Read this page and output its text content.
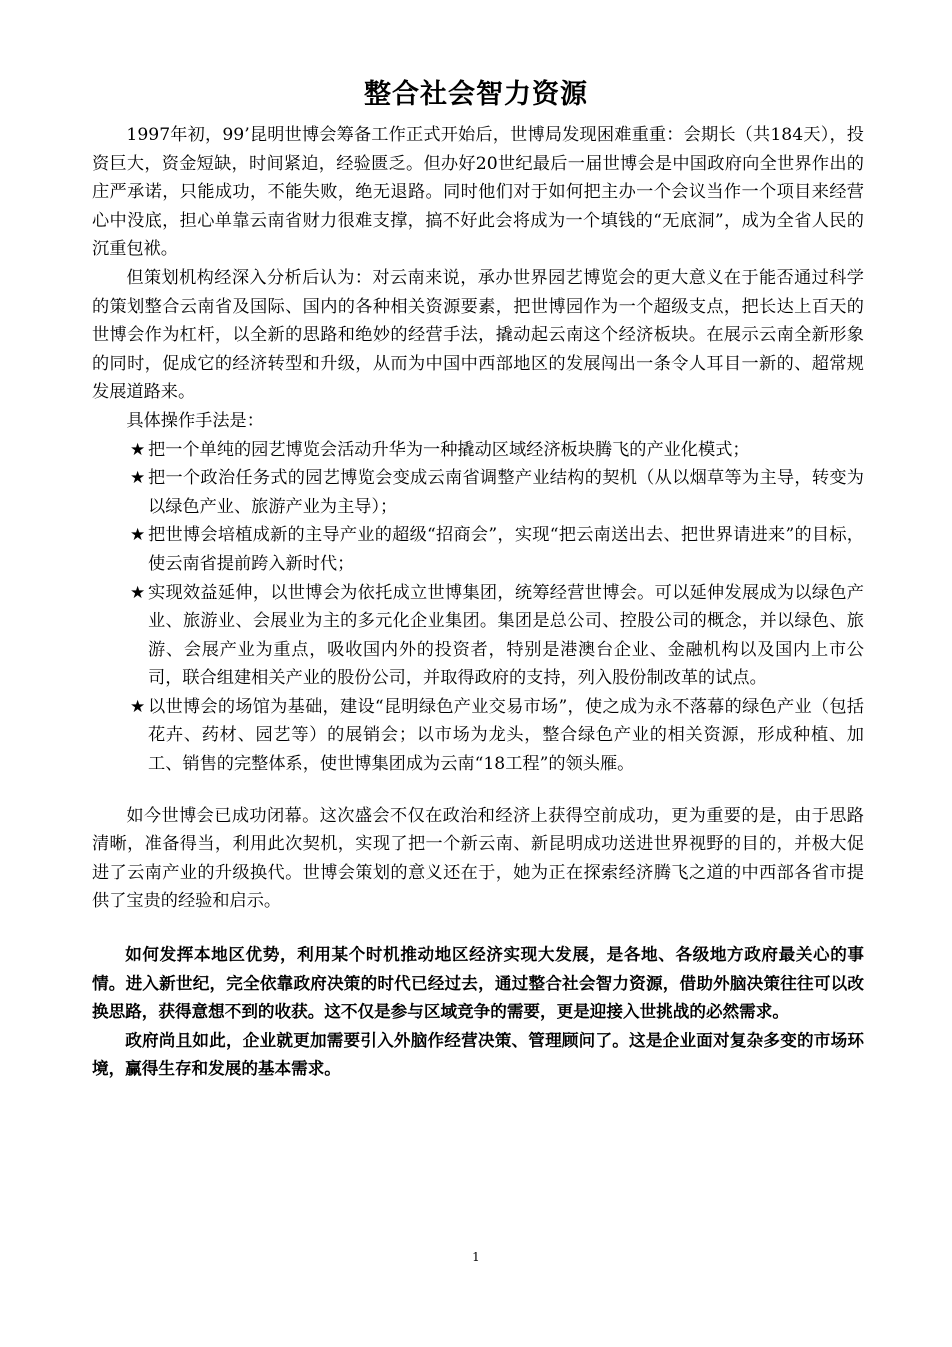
整合社会智力资源

1997年初，99’昆明世博会筹备工作正式开始后，世博局发现困难重重：会期长（共184天），投资巨大，资金短缺，时间紧迫，经验匮乏。但办好20世纪最后一届世博会是中国政府向全世界作出的庄严承诺，只能成功，不能失败，绝无退路。同时他们对于如何把主办一个会议当作一个项目来经营心中没底，担心单靠云南省财力很难支撑，搞不好此会将成为一个填钱的“无底洞”，成为全省人民的沉重包袱。

但策划机构经深入分析后认为：对云南来说，承办世界园艺博览会的更大意义在于能否通过科学的策划整合云南省及国际、国内的各种相关资源要素，把世博园作为一个超级支点，把长达上百天的世博会作为杠杆，以全新的思路和绝妙的经营手法，撬动起云南这个经济板块。在展示云南全新形象的同时，促成它的经济转型和升级，从而为中国中西部地区的发展闯出一条令人耳目一新的、超常规发展道路来。

具体操作手法是：

★ 把一个单纯的园艺博览会活动升华为一种撬动区域经济板块腾飞的产业化模式；
★ 把一个政治任务式的园艺博览会变成云南省调整产业结构的契机（从以烟草等为主导，转变为以绿色产业、旅游产业为主导）；
★ 把世博会培植成新的主导产业的超级“招商会”，实现“把云南送出去、把世界请进来”的目标，使云南省提前跨入新时代；
★ 实现效益延伸，以世博会为依托成立世博集团，统筹经营世博会。可以延伸发展成为以绿色产业、旅游业、会展业为主的多元化企业集团。集团是总公司、控股公司的概念，并以绿色、旅游、会展产业为重点，吸收国内外的投资者，特别是港澳台企业、金融机构以及国内上市公司，联合组建相关产业的股份公司，并取得政府的支持，列入股份制改革的试点。
★ 以世博会的场馆为基础，建设“昆明绿色产业交易市场”，使之成为永不落幕的绿色产业（包括花卉、药材、园艺等）的展销会；以市场为龙头，整合绿色产业的相关资源，形成种植、加工、销售的完整体系，使世博集团成为云南“18工程”的领头雁。

如今世博会已成功闭幕。这次盛会不仅在政治和经济上获得空前成功，更为重要的是，由于思路清晰，准备得当，利用此次契机，实现了把一个新云南、新昆明成功送进世界视野的目的，并极大促进了云南产业的升级换代。世博会策划的意义还在于，她为正在探索经济腾飞之道的中西部各省市提供了宝贵的经验和启示。

如何发挥本地区优势，利用某个时机推动地区经济实现大发展，是各地、各级地方政府最关心的事情。进入新世纪，完全依靠政府决策的时代已经过去，通过整合社会智力资源，借助外脑决策往往可以改换思路，获得意想不到的收获。这不仅是参与区域竞争的需要，更是迎接入世挑战的必然需求。

政府尚且如此，企业就更加需要引入外脑作经营决策、管理顾问了。这是企业面对复杂多变的市场环境，赢得生存和发展的基本需求。

1
